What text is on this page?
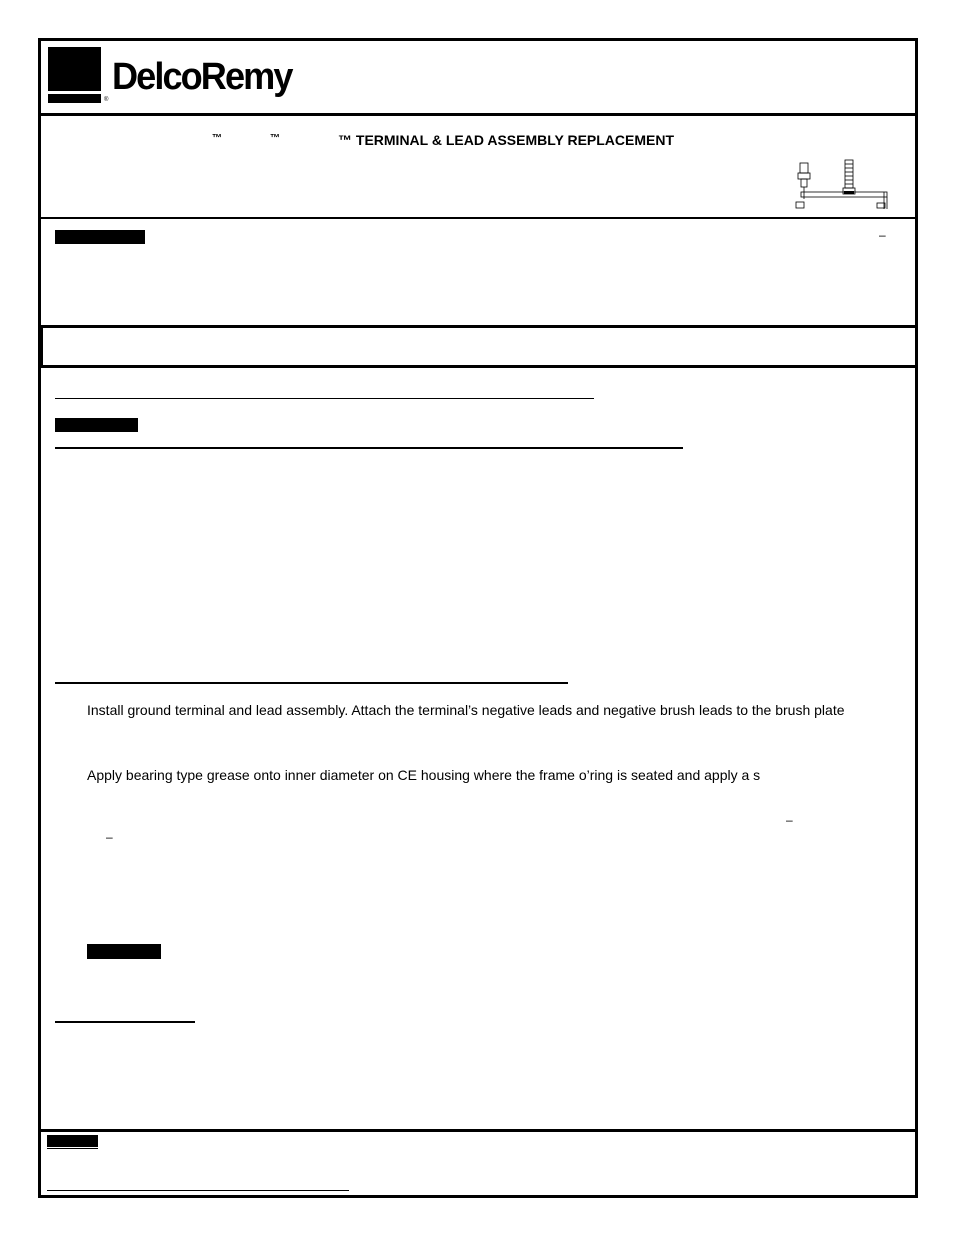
®
DelcoRemy
™	™	™ TERMINAL & LEAD ASSEMBLY REPLACEMENT
–
Install ground terminal and lead assembly. Attach the terminal’s negative leads and negative brush leads to the brush plate
Apply bearing type grease onto inner diameter on CE housing where the frame o’ring is seated and apply a s
–
–
